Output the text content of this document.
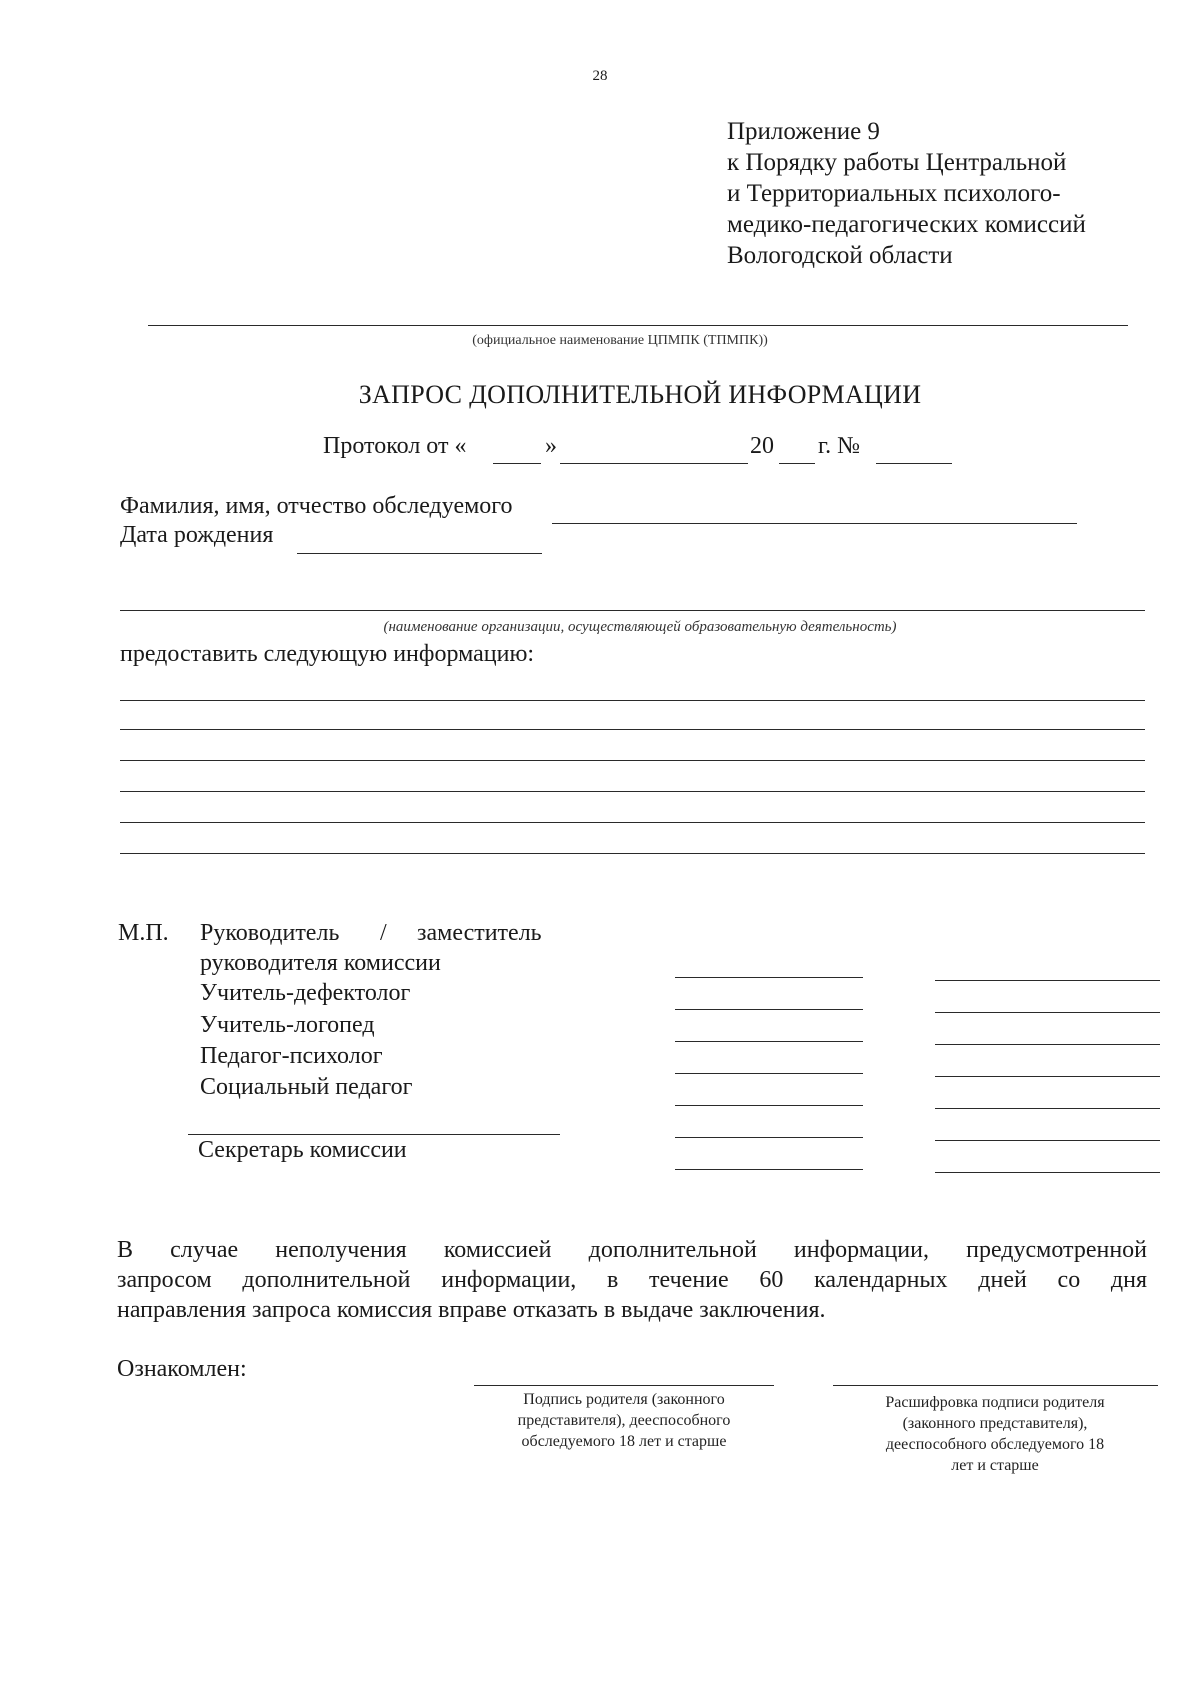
28
Приложение 9
к Порядку работы Центральной
и Территориальных психолого-
медико-педагогических комиссий
Вологодской области
(официальное наименование ЦПМПК (ТПМПК))
ЗАПРОС ДОПОЛНИТЕЛЬНОЙ ИНФОРМАЦИИ
Протокол от «	»	20 г. №
Фамилия, имя, отчество обследуемого
Дата рождения
(наименование организации, осуществляющей образовательную деятельность)
предоставить следующую информацию:
М.П. Руководитель / заместитель
руководителя комиссии
Учитель-дефектолог
Учитель-логопед
Педагог-психолог
Социальный педагог
Секретарь комиссии
В случае неполучения комиссией дополнительной информации, предусмотренной
запросом дополнительной информации, в течение 60 календарных дней со дня
направления запроса комиссия вправе отказать в выдаче заключения.
Ознакомлен:
Подпись родителя (законного
представителя), дееспособного
обследуемого 18 лет и старше
Расшифровка подписи родителя
(законного представителя),
дееспособного обследуемого 18
лет и старше
